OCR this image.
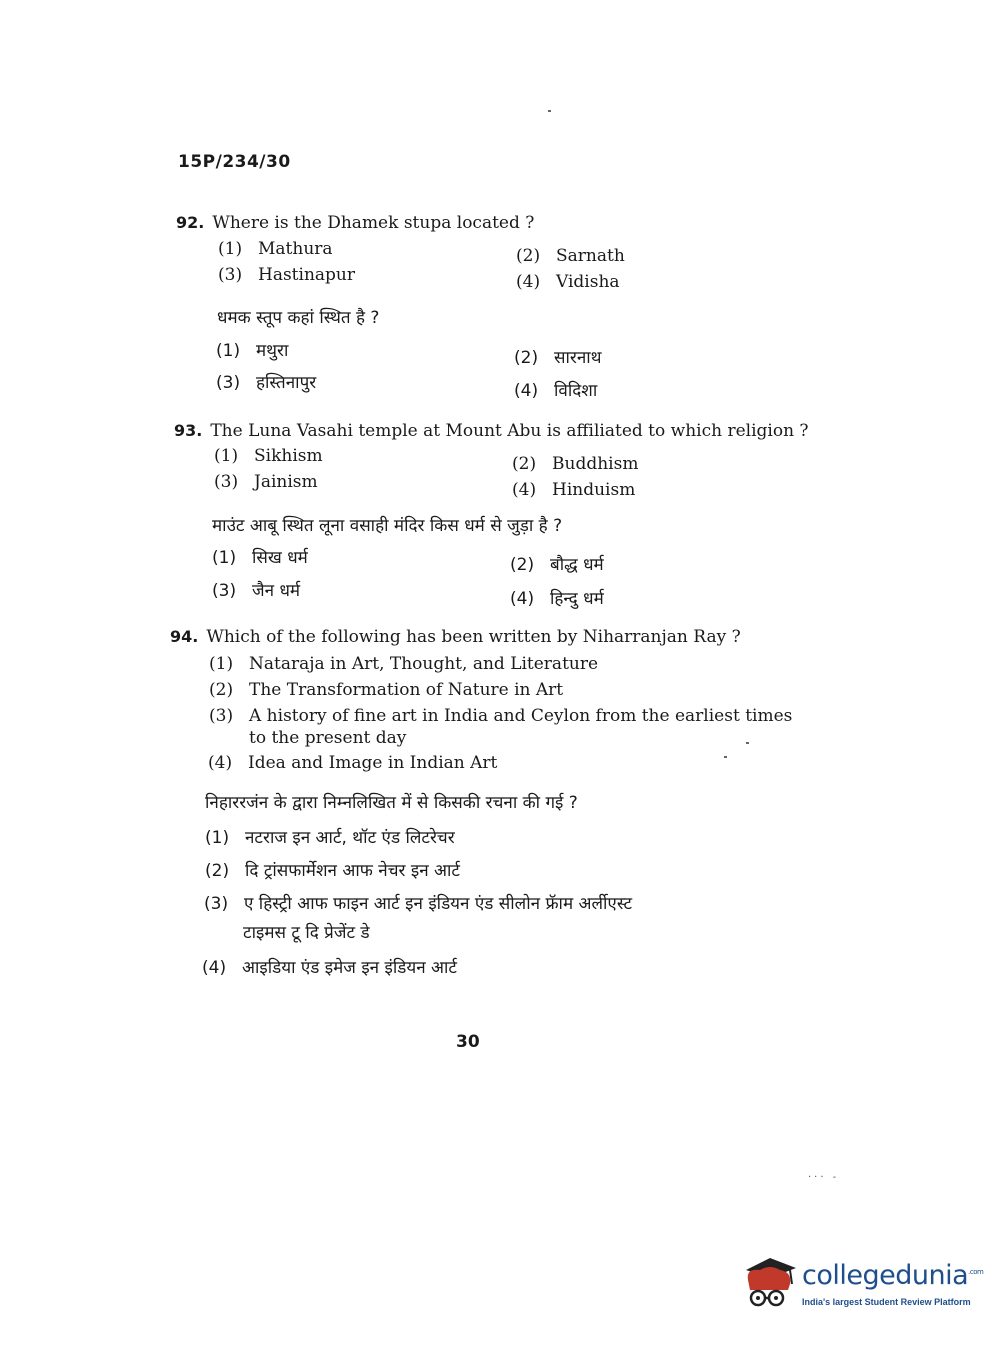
15P/234/30
92. Where is the Dhamek stupa located ?
(1) Mathura	(2) Sarnath
(3) Hastinapur	(4) Vidisha
धमक स्तूप कहां स्थित है ?
(1) मथुरा	(2) सारनाथ
(3) हस्तिनापुर	(4) विदिशा
93. The Luna Vasahi temple at Mount Abu is affiliated to which religion ?
(1) Sikhism	(2) Buddhism
(3) Jainism	(4) Hinduism
माउंट आबू स्थित लूना वसाही मंदिर किस धर्म से जुड़ा है ?
(1) सिख धर्म	(2) बौद्ध धर्म
(3) जैन धर्म	(4) हिन्दु धर्म
94. Which of the following has been written by Niharranjan Ray ?
(1) Nataraja in Art, Thought, and Literature
(2) The Transformation of Nature in Art
(3) A history of fine art in India and Ceylon from the earliest times
to the present day
(4) Idea and Image in Indian Art
निहाररजंन के द्वारा निम्नलिखित में से किसकी रचना की गई ?
(1) नटराज इन आर्ट, थॉट एंड लिटरेचर
(2) दि ट्रांसफार्मेशन आफ नेचर इन आर्ट
(3) ए हिस्ट्री आफ फाइन आर्ट इन इंडियन एंड सीलोन फ्रॅाम अर्लीएस्ट
टाइमस टू दि प्रेजेंट डे
(4) आइडिया एंड इमेज इन इंडियन आर्ट
30
··· -
collegedunia$^{.com}$
India's largest Student Review Platform
